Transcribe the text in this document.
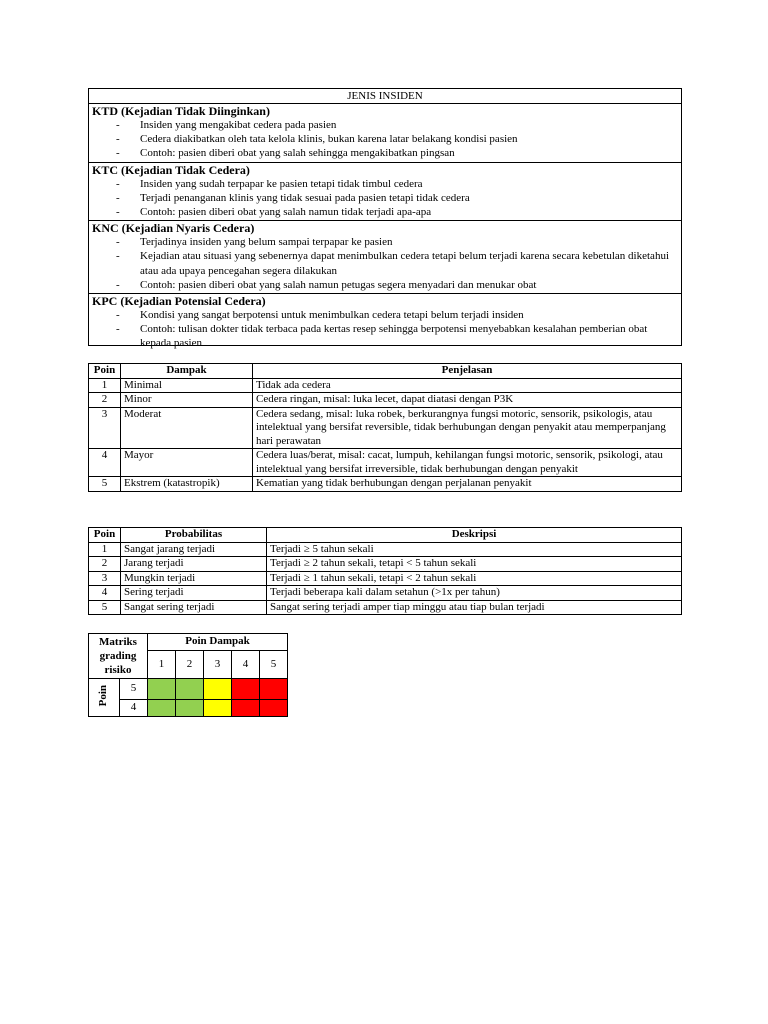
JENIS INSIDEN
KTD (Kejadian Tidak Diinginkan)
- Insiden yang mengakibat cedera pada pasien
- Cedera diakibatkan oleh tata kelola klinis, bukan karena latar belakang kondisi pasien
- Contoh: pasien diberi obat yang salah sehingga mengakibatkan pingsan
KTC (Kejadian Tidak Cedera)
- Insiden yang sudah terpapar ke pasien tetapi tidak timbul cedera
- Terjadi penanganan klinis yang tidak sesuai pada pasien tetapi tidak cedera
- Contoh: pasien diberi obat yang salah namun tidak terjadi apa-apa
KNC (Kejadian Nyaris Cedera)
- Terjadinya insiden yang belum sampai terpapar ke pasien
- Kejadian atau situasi yang sebenernya dapat menimbulkan cedera tetapi belum terjadi karena secara kebetulan diketahui atau ada upaya pencegahan segera dilakukan
- Contoh: pasien diberi obat yang salah namun petugas segera menyadari dan menukar obat
KPC (Kejadian Potensial Cedera)
- Kondisi yang sangat berpotensi untuk menimbulkan cedera tetapi belum terjadi insiden
- Contoh: tulisan dokter tidak terbaca pada kertas resep sehingga berpotensi menyebabkan kesalahan pemberian obat kepada pasien
Poin	Dampak	Penjelasan
1	Minimal	Tidak ada cedera
2	Minor	Cedera ringan, misal: luka lecet, dapat diatasi dengan P3K
3	Moderat	Cedera sedang, misal: luka robek, berkurangnya fungsi motoric, sensorik, psikologis, atau intelektual yang bersifat reversible, tidak berhubungan dengan penyakit atau memperpanjang hari perawatan
4	Mayor	Cedera luas/berat, misal: cacat, lumpuh, kehilangan fungsi motoric, sensorik, psikologi, atau intelektual yang bersifat irreversible, tidak berhubungan dengan penyakit
5	Ekstrem (katastropik)	Kematian yang tidak berhubungan dengan perjalanan penyakit
Poin	Probabilitas	Deskripsi
1	Sangat jarang terjadi	Terjadi ≥ 5 tahun sekali
2	Jarang terjadi	Terjadi ≥ 2 tahun sekali, tetapi < 5 tahun sekali
3	Mungkin terjadi	Terjadi ≥ 1 tahun sekali, tetapi < 2 tahun sekali
4	Sering terjadi	Terjadi beberapa kali dalam setahun (>1x per tahun)
5	Sangat sering terjadi	Sangat sering terjadi amper tiap minggu atau tiap bulan terjadi
Matriks grading risiko		Poin Dampak				
		1	2	3	4	5
Poin	5					
	4					
